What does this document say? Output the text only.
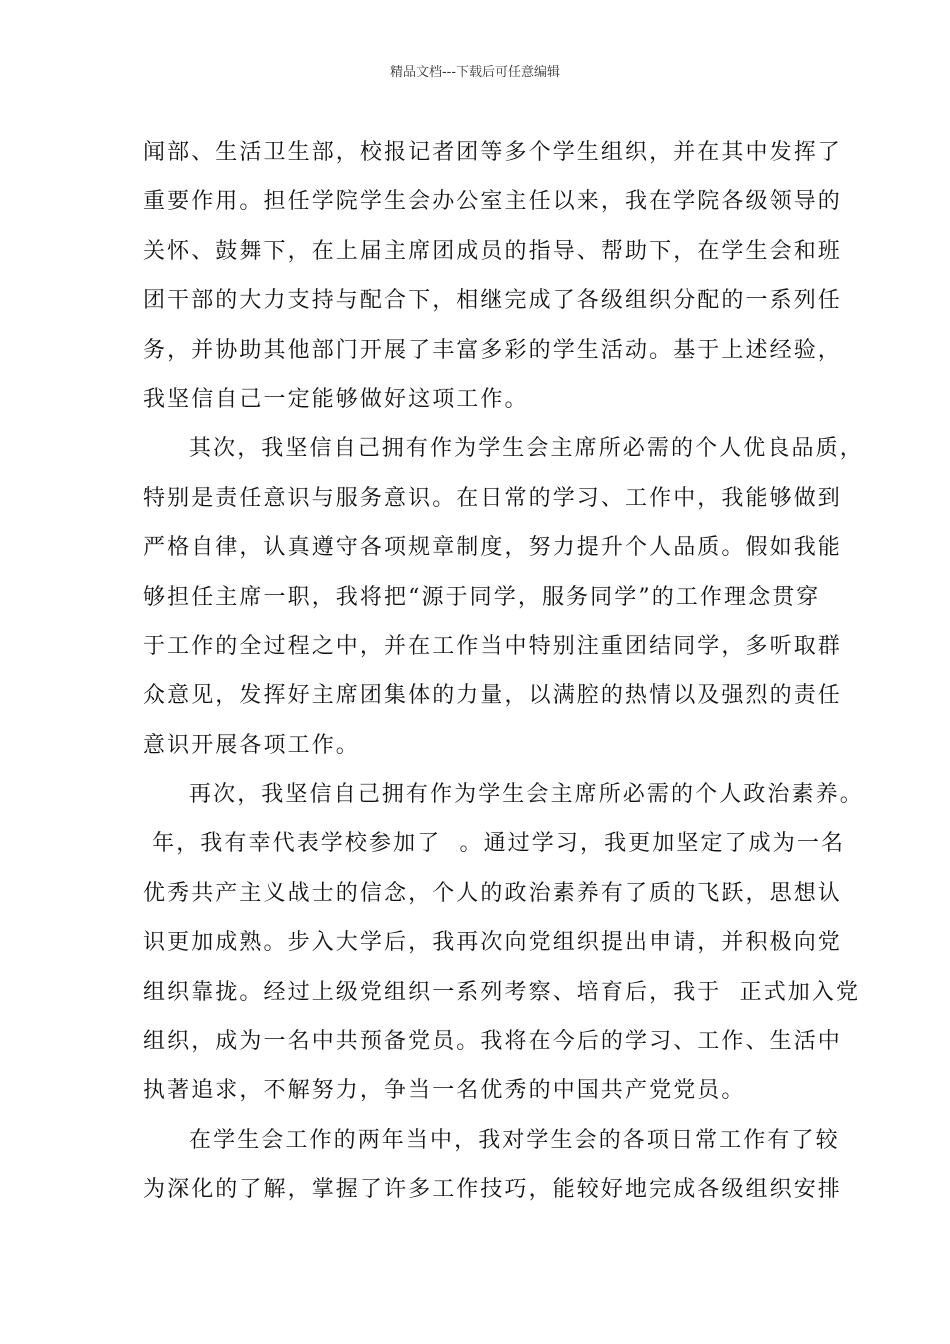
精品文档---下载后可任意编辑
闻部、生活卫生部，校报记者团等多个学生组织，并在其中发挥了
重要作用。担任学院学生会办公室主任以来，我在学院各级领导的
关怀、鼓舞下，在上届主席团成员的指导、帮助下，在学生会和班
团干部的大力支持与配合下，相继完成了各级组织分配的一系列任
务，并协助其他部门开展了丰富多彩的学生活动。基于上述经验，
我坚信自己一定能够做好这项工作。
其次，我坚信自己拥有作为学生会主席所必需的个人优良品质，
特别是责任意识与服务意识。在日常的学习、工作中，我能够做到
严格自律，认真遵守各项规章制度，努力提升个人品质。假如我能
够担任主席一职，我将把“源于同学，服务同学”的工作理念贯穿
于工作的全过程之中，并在工作当中特别注重团结同学，多听取群
众意见，发挥好主席团集体的力量，以满腔的热情以及强烈的责任
意识开展各项工作。
再次，我坚信自己拥有作为学生会主席所必需的个人政治素养。
年，我有幸代表学校参加了  。通过学习，我更加坚定了成为一名
优秀共产主义战士的信念，个人的政治素养有了质的飞跃，思想认
识更加成熟。步入大学后，我再次向党组织提出申请，并积极向党
组织靠拢。经过上级党组织一系列考察、培育后，我于  正式加入党
组织，成为一名中共预备党员。我将在今后的学习、工作、生活中
执著追求，不解努力，争当一名优秀的中国共产党党员。
在学生会工作的两年当中，我对学生会的各项日常工作有了较
为深化的了解，掌握了许多工作技巧，能较好地完成各级组织安排
